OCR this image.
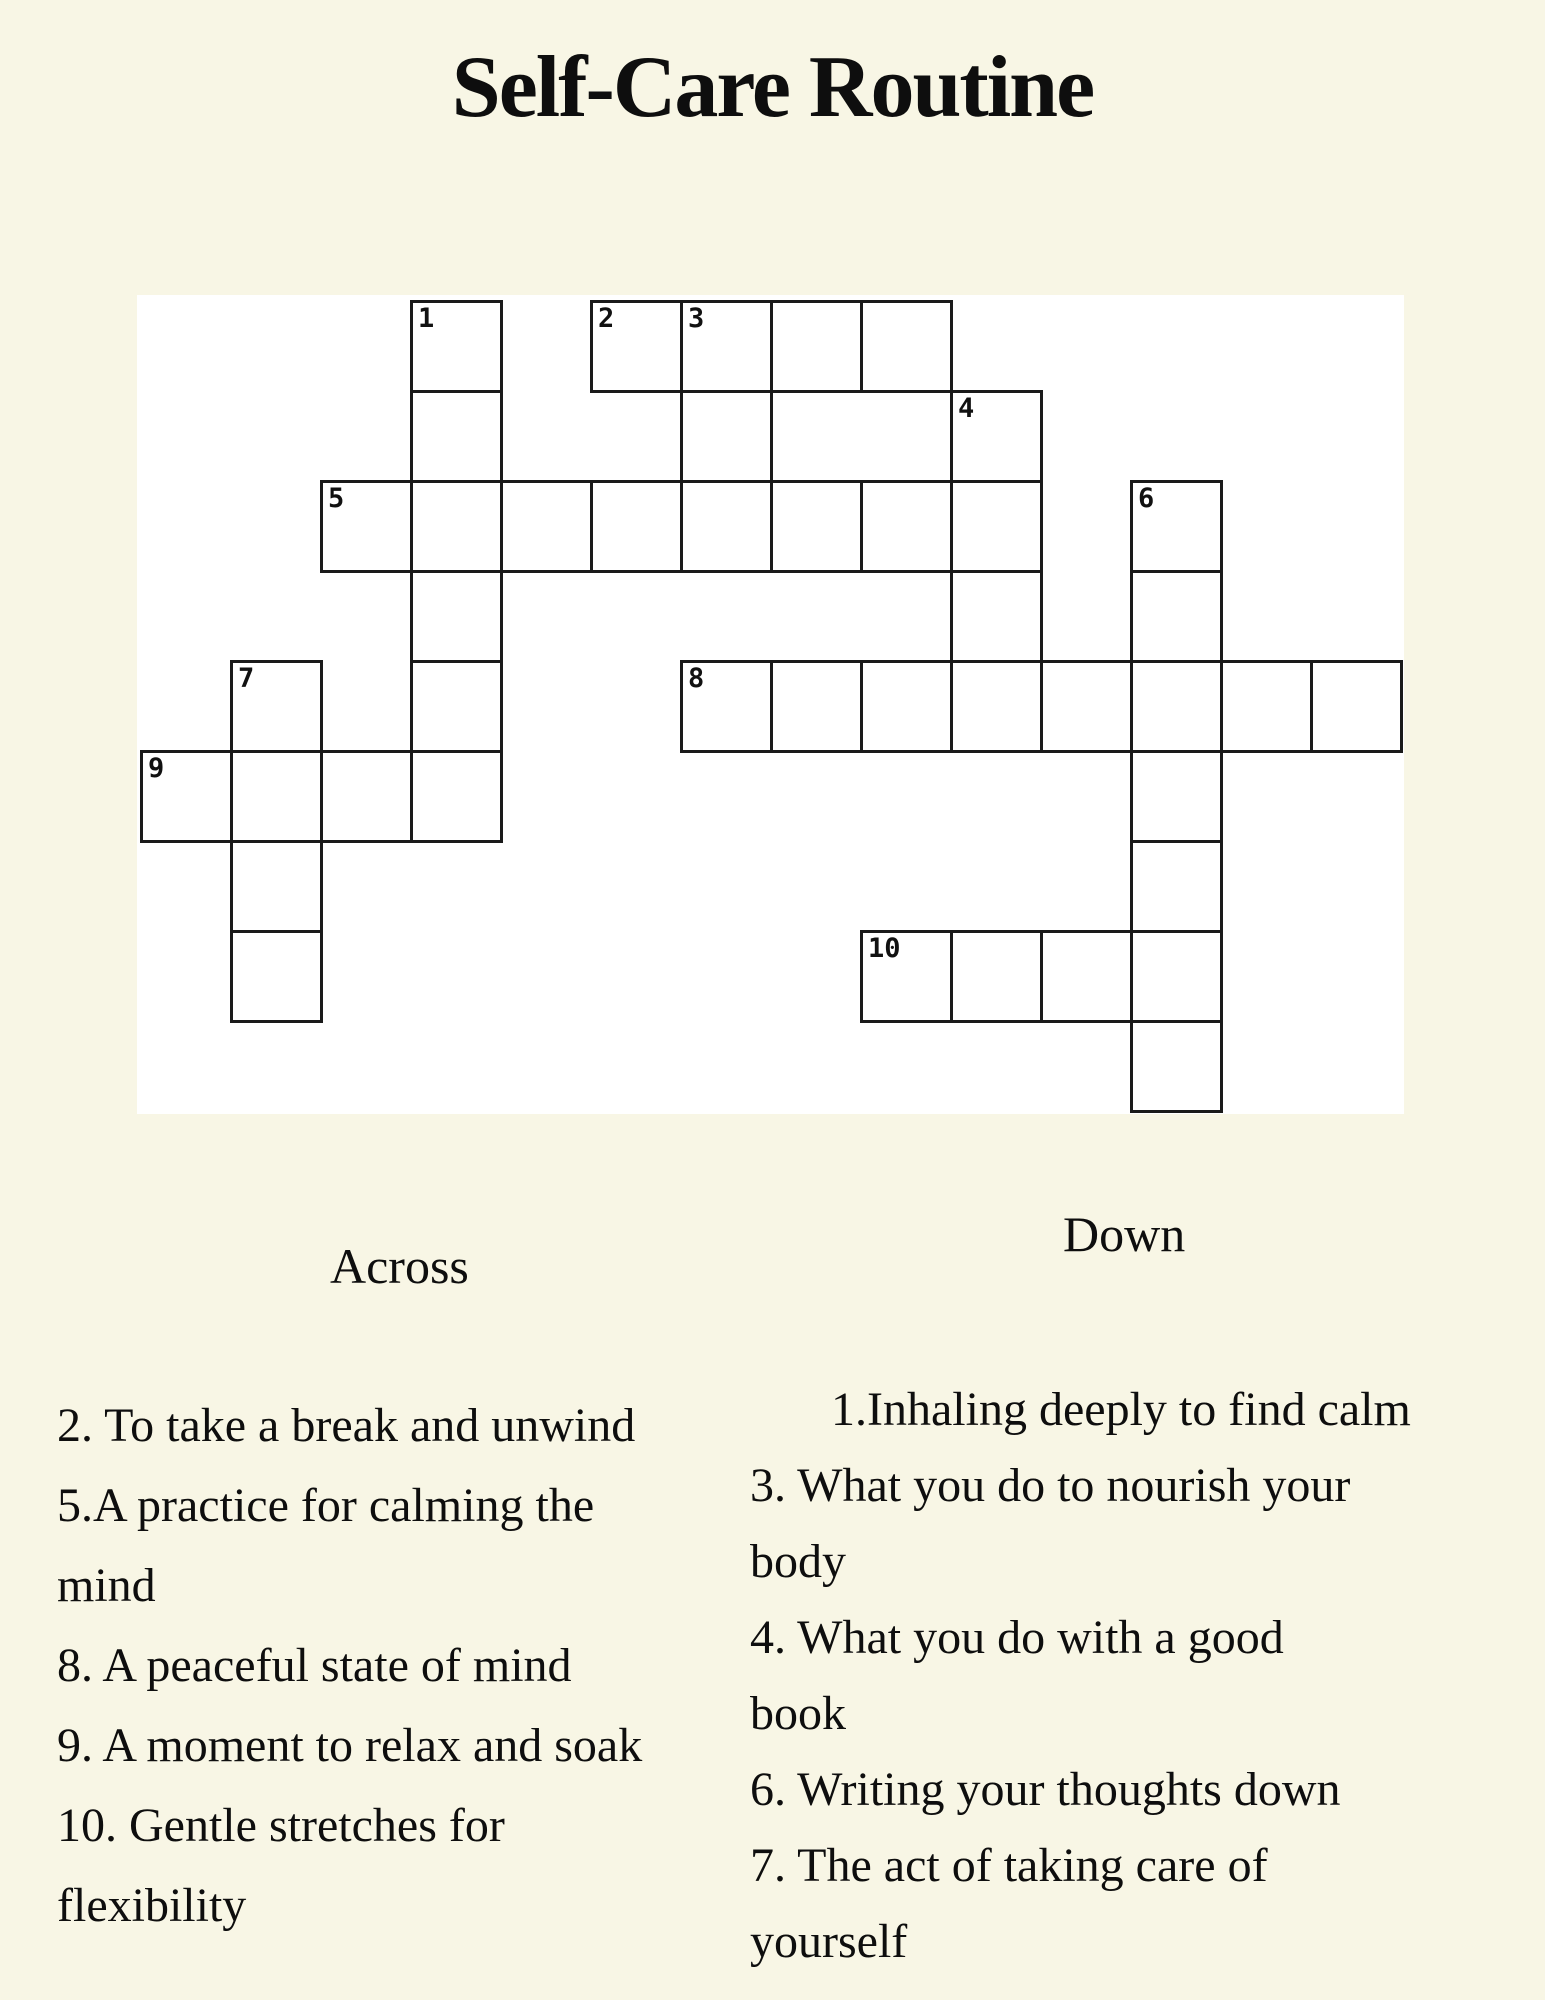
Self-Care Routine
1	2	3
4
5	6
7	8
9
10
Across
Down
2. To take a break and unwind
5.A practice for calming the
mind
8. A peaceful state of mind
9. A moment to relax and soak
10. Gentle stretches for
flexibility
1.Inhaling deeply to find calm
3. What you do to nourish your
body
4. What you do with a good
book
6. Writing your thoughts down
7. The act of taking care of
yourself
